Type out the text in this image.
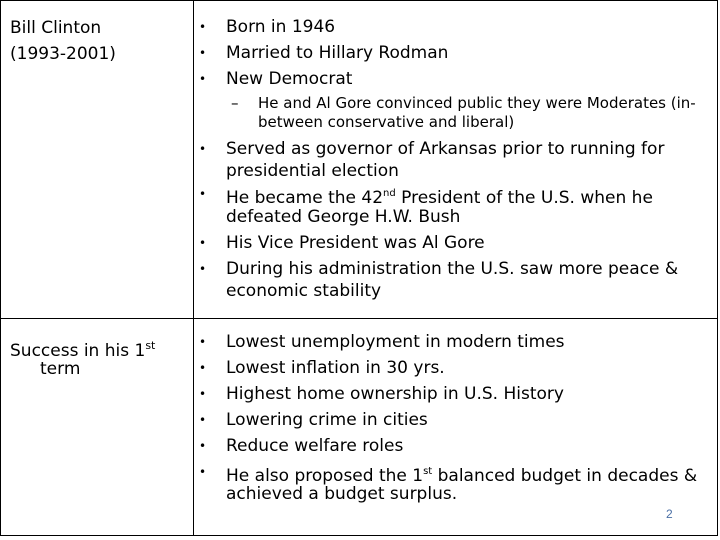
Bill Clinton
(1993-2001)
• Born in 1946
• Married to Hillary Rodman
• New Democrat
– He and Al Gore convinced public they were Moderates (in-
between conservative and liberal)
• Served as governor of Arkansas prior to running for
presidential election
• He became the 42nd President of the U.S. when he
defeated George H.W. Bush
• His Vice President was Al Gore
• During his administration the U.S. saw more peace &
economic stability
Success in his 1st
term
• Lowest unemployment in modern times
• Lowest inflation in 30 yrs.
• Highest home ownership in U.S. History
• Lowering crime in cities
• Reduce welfare roles
• He also proposed the 1st balanced budget in decades &
achieved a budget surplus.
2
